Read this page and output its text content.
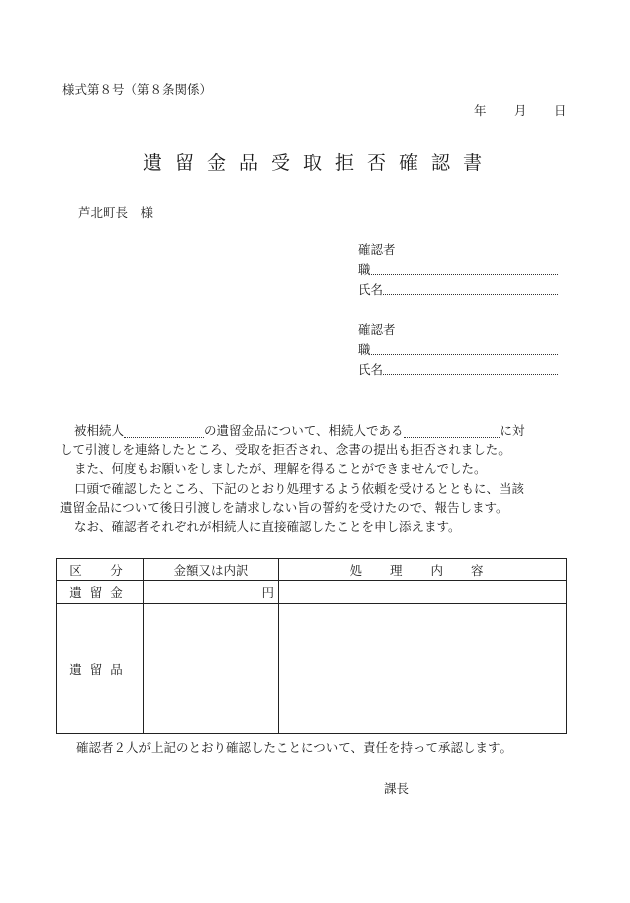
様式第８号（第８条関係）
年 月 日
遺留金品受取拒否確認書
芦北町長　様
確認者
職
氏名
確認者
職
氏名

被相続人	の遺留金品について、相続人である	に対

して引渡しを連絡したところ、受取を拒否され、念書の提出も拒否されました。

また、何度もお願いをしましたが、理解を得ることができませんでした。

口頭で確認したところ、下記のとおり処理するよう依頼を受けるとともに、当該

遺留金品について後日引渡しを請求しない旨の誓約を受けたので、報告します。

なお、確認者それぞれが相続人に直接確認したことを申し添えます。

区　分	金額又は内訳	処 理 内 容
遺留金	円	
遺留品		
確認者２人が上記のとおり確認したことについて、責任を持って承認します。
課長
